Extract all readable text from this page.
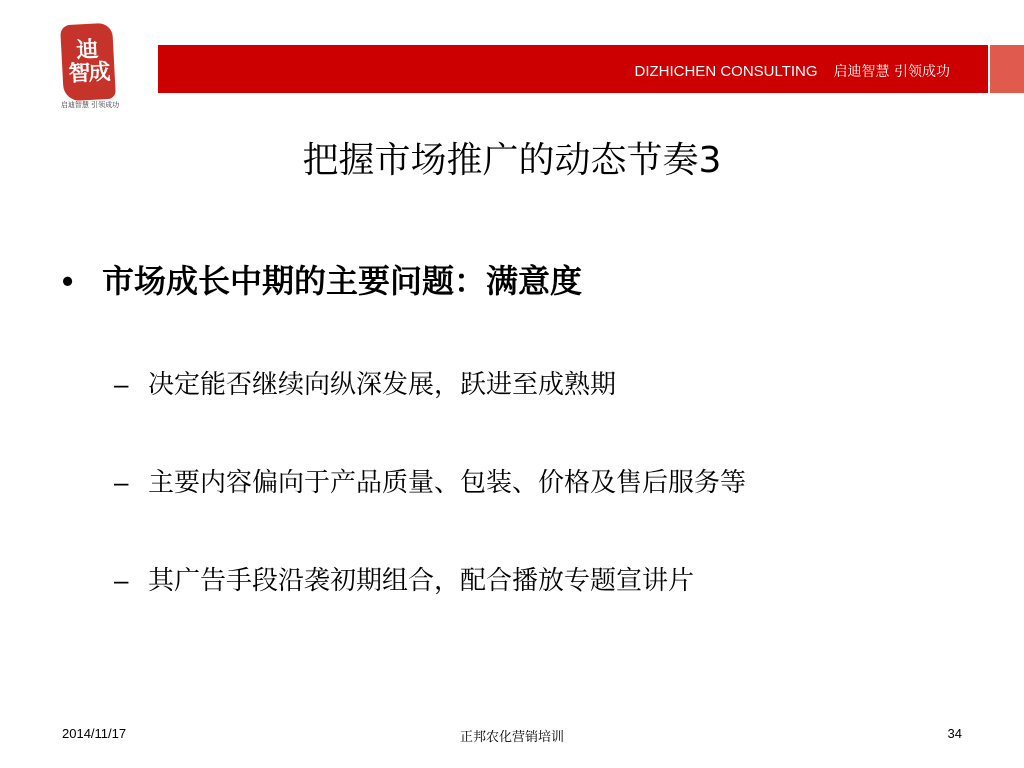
迪
智成
启迪智慧 引领成功
DIZHICHEN CONSULTING 启迪智慧 引领成功
把握市场推广的动态节奏3
• 市场成长中期的主要问题：满意度
– 决定能否继续向纵深发展，跃进至成熟期
– 主要内容偏向于产品质量、包装、价格及售后服务等
– 其广告手段沿袭初期组合，配合播放专题宣讲片
2014/11/17	正邦农化营销培训	34
